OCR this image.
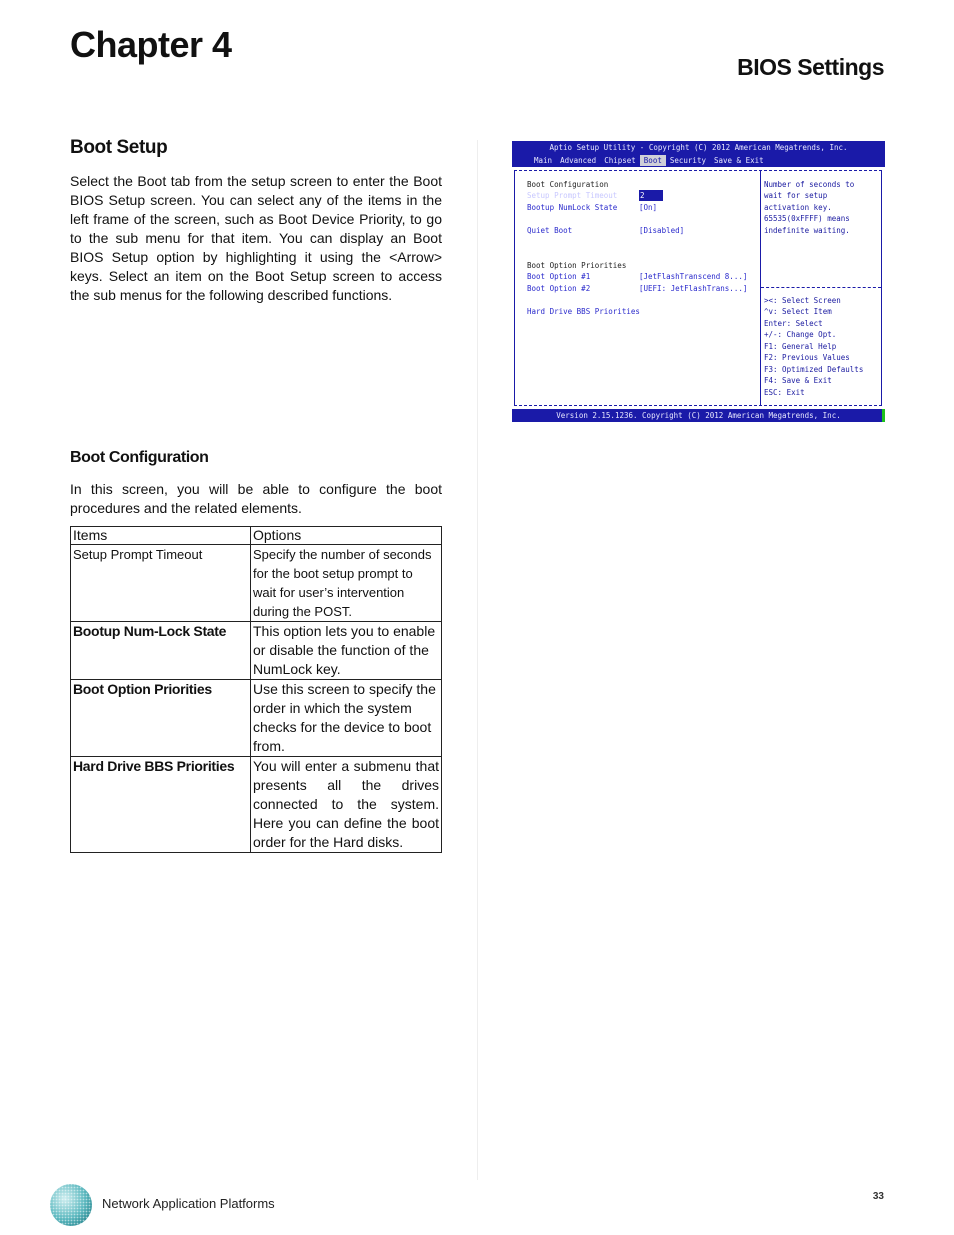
Chapter 4
BIOS Settings
Boot Setup
Select the Boot tab from the setup screen to enter the Boot BIOS Setup screen. You can select any of the items in the left frame of the screen, such as Boot Device Priority, to go to the sub menu for that item. You can display an Boot BIOS Setup option by highlighting it using the <Arrow> keys. Select an item on the Boot Setup screen to access the sub menus for the following described functions.
Boot Configuration
In this screen, you will be able to configure the boot procedures and the related elements.
Items	Options
Setup Prompt Timeout	Specify the number of seconds for the boot setup prompt to wait for user’s intervention during the POST.
Bootup Num-Lock State	This option lets you to enable or disable the function of the NumLock key.
Boot Option Priorities	Use this screen to specify the order in which the system checks for the device to boot from.
Hard Drive BBS Priorities	You will enter a submenu that presents all the drives connected to the system. Here you can define the boot order for the Hard disks.
Aptio Setup Utility - Copyright (C) 2012 American Megatrends, Inc.
Main	Advanced	Chipset	Boot	Security	Save & Exit
Boot Configuration
Setup Prompt Timeout	2
Bootup NumLock State	[On]
Quiet Boot	[Disabled]
Boot Option Priorities
Boot Option #1	[JetFlashTranscend 8...]
Boot Option #2	[UEFI: JetFlashTrans...]
Hard Drive BBS Priorities
Number of seconds to
wait for setup
activation key.
65535(0xFFFF) means
indefinite waiting.
><: Select Screen
^v: Select Item
Enter: Select
+/-: Change Opt.
F1: General Help
F2: Previous Values
F3: Optimized Defaults
F4: Save & Exit
ESC: Exit
Version 2.15.1236. Copyright (C) 2012 American Megatrends, Inc.
Network Application Platforms	33
